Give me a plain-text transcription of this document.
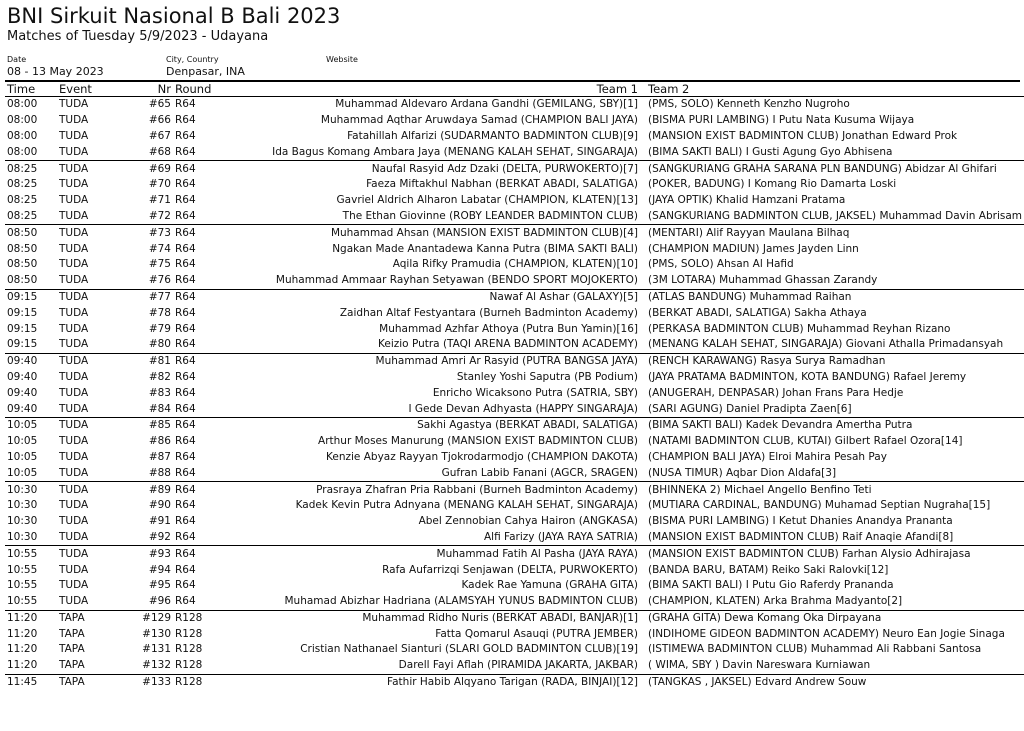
BNI Sirkuit Nasional B Bali 2023
Matches of Tuesday 5/9/2023 - Udayana
Date
08 - 13 May 2023
City, Country
Denpasar, INA
Website
Time	Event	Nr	Round	Team 1	Team 2
08:00	TUDA	#65	R64	Muhammad Aldevaro Ardana Gandhi (GEMILANG, SBY)[1]	(PMS, SOLO) Kenneth Kenzho Nugroho
08:00	TUDA	#66	R64	Muhammad Aqthar Aruwdaya Samad (CHAMPION BALI JAYA)	(BISMA PURI LAMBING) I Putu Nata Kusuma Wijaya
08:00	TUDA	#67	R64	Fatahillah Alfarizi (SUDARMANTO BADMINTON CLUB)[9]	(MANSION EXIST BADMINTON CLUB) Jonathan Edward Prok
08:00	TUDA	#68	R64	Ida Bagus Komang Ambara Jaya (MENANG KALAH SEHAT, SINGARAJA)	(BIMA SAKTI BALI) I Gusti Agung Gyo Abhisena
08:25	TUDA	#69	R64	Naufal Rasyid Adz Dzaki (DELTA, PURWOKERTO)[7]	(SANGKURIANG GRAHA SARANA PLN BANDUNG) Abidzar Al Ghifari
08:25	TUDA	#70	R64	Faeza Miftakhul Nabhan (BERKAT ABADI, SALATIGA)	(POKER, BADUNG) I Komang Rio Damarta Loski
08:25	TUDA	#71	R64	Gavriel Aldrich Alharon Labatar (CHAMPION, KLATEN)[13]	(JAYA OPTIK) Khalid Hamzani Pratama
08:25	TUDA	#72	R64	The Ethan Giovinne (ROBY LEANDER BADMINTON CLUB)	(SANGKURIANG BADMINTON CLUB, JAKSEL) Muhammad Davin Abrisam
08:50	TUDA	#73	R64	Muhammad Ahsan (MANSION EXIST BADMINTON CLUB)[4]	(MENTARI) Alif Rayyan Maulana Bilhaq
08:50	TUDA	#74	R64	Ngakan Made Anantadewa Kanna Putra (BIMA SAKTI BALI)	(CHAMPION MADIUN) James Jayden Linn
08:50	TUDA	#75	R64	Aqila Rifky Pramudia (CHAMPION, KLATEN)[10]	(PMS, SOLO) Ahsan Al Hafid
08:50	TUDA	#76	R64	Muhammad Ammaar Rayhan Setyawan (BENDO SPORT MOJOKERTO)	(3M LOTARA) Muhammad Ghassan Zarandy
09:15	TUDA	#77	R64	Nawaf Al Ashar (GALAXY)[5]	(ATLAS BANDUNG) Muhammad Raihan
09:15	TUDA	#78	R64	Zaidhan Altaf Festyantara (Burneh Badminton Academy)	(BERKAT ABADI, SALATIGA) Sakha Athaya
09:15	TUDA	#79	R64	Muhammad Azhfar Athoya (Putra Bun Yamin)[16]	(PERKASA BADMINTON CLUB) Muhammad Reyhan Rizano
09:15	TUDA	#80	R64	Keizio Putra (TAQI ARENA BADMINTON ACADEMY)	(MENANG KALAH SEHAT, SINGARAJA) Giovani Athalla Primadansyah
09:40	TUDA	#81	R64	Muhammad Amri Ar Rasyid (PUTRA BANGSA JAYA)	(RENCH KARAWANG) Rasya Surya Ramadhan
09:40	TUDA	#82	R64	Stanley Yoshi Saputra (PB Podium)	(JAYA PRATAMA BADMINTON, KOTA BANDUNG) Rafael Jeremy
09:40	TUDA	#83	R64	Enricho Wicaksono Putra (SATRIA, SBY)	(ANUGERAH, DENPASAR) Johan Frans Para Hedje
09:40	TUDA	#84	R64	I Gede Devan Adhyasta (HAPPY SINGARAJA)	(SARI AGUNG) Daniel Pradipta Zaen[6]
10:05	TUDA	#85	R64	Sakhi Agastya (BERKAT ABADI, SALATIGA)	(BIMA SAKTI BALI) Kadek Devandra Amertha Putra
10:05	TUDA	#86	R64	Arthur Moses Manurung (MANSION EXIST BADMINTON CLUB)	(NATAMI BADMINTON CLUB, KUTAI) Gilbert Rafael Ozora[14]
10:05	TUDA	#87	R64	Kenzie Abyaz Rayyan Tjokrodarmodjo (CHAMPION DAKOTA)	(CHAMPION BALI JAYA) Elroi Mahira Pesah Pay
10:05	TUDA	#88	R64	Gufran Labib Fanani (AGCR, SRAGEN)	(NUSA TIMUR) Aqbar Dion Aldafa[3]
10:30	TUDA	#89	R64	Prasraya Zhafran Pria Rabbani (Burneh Badminton Academy)	(BHINNEKA 2) Michael Angello Benfino Teti
10:30	TUDA	#90	R64	Kadek Kevin Putra Adnyana (MENANG KALAH SEHAT, SINGARAJA)	(MUTIARA CARDINAL, BANDUNG) Muhamad Septian Nugraha[15]
10:30	TUDA	#91	R64	Abel Zennobian Cahya Hairon (ANGKASA)	(BISMA PURI LAMBING) I Ketut Dhanies Anandya Prananta
10:30	TUDA	#92	R64	Alfi Farizy (JAYA RAYA SATRIA)	(MANSION EXIST BADMINTON CLUB) Raif Anaqie Afandi[8]
10:55	TUDA	#93	R64	Muhammad Fatih Al Pasha (JAYA RAYA)	(MANSION EXIST BADMINTON CLUB) Farhan Alysio Adhirajasa
10:55	TUDA	#94	R64	Rafa Aufarrizqi Senjawan (DELTA, PURWOKERTO)	(BANDA BARU, BATAM) Reiko Saki Ralovki[12]
10:55	TUDA	#95	R64	Kadek Rae Yamuna (GRAHA GITA)	(BIMA SAKTI BALI) I Putu Gio Raferdy Prananda
10:55	TUDA	#96	R64	Muhamad Abizhar Hadriana (ALAMSYAH YUNUS BADMINTON CLUB)	(CHAMPION, KLATEN) Arka Brahma Madyanto[2]
11:20	TAPA	#129	R128	Muhammad Ridho Nuris (BERKAT ABADI, BANJAR)[1]	(GRAHA GITA) Dewa Komang Oka Dirpayana
11:20	TAPA	#130	R128	Fatta Qomarul Asauqi (PUTRA JEMBER)	(INDIHOME GIDEON BADMINTON ACADEMY) Neuro Ean Jogie Sinaga
11:20	TAPA	#131	R128	Cristian Nathanael Sianturi (SLARI GOLD BADMINTON CLUB)[19]	(ISTIMEWA BADMINTON CLUB) Muhammad Ali Rabbani Santosa
11:20	TAPA	#132	R128	Darell Fayi Aflah (PIRAMIDA JAKARTA, JAKBAR)	( WIMA, SBY ) Davin Nareswara Kurniawan
11:45	TAPA	#133	R128	Fathir Habib Alqyano Tarigan (RADA, BINJAI)[12]	(TANGKAS , JAKSEL) Edvard Andrew Souw
